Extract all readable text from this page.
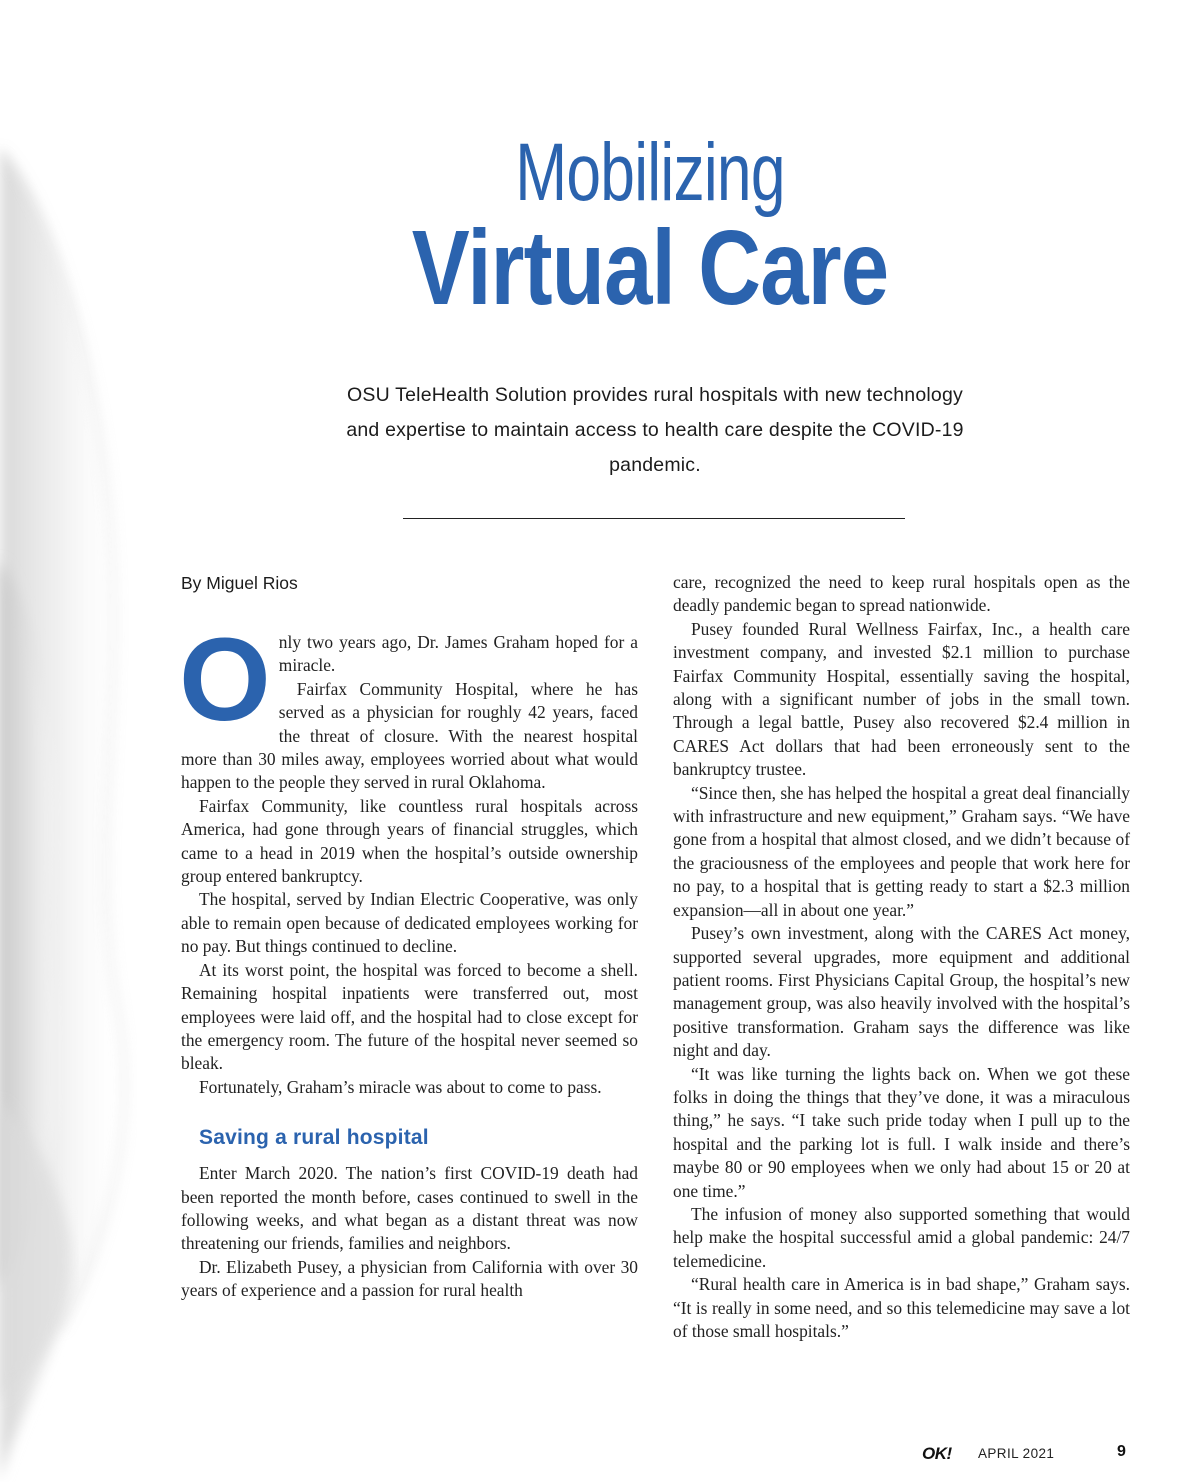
Mobilizing
Virtual Care
OSU TeleHealth Solution provides rural hospitals with new technology and expertise to maintain access to health care despite the COVID-19 pandemic.
By Miguel Rios

Only two years ago, Dr. James Graham hoped for a miracle.

Fairfax Community Hospital, where he has served as a physician for roughly 42 years, faced the threat of closure. With the nearest hospital more than 30 miles away, employees worried about what would happen to the people they served in rural Oklahoma.

Fairfax Community, like countless rural hospitals across America, had gone through years of financial struggles, which came to a head in 2019 when the hospital’s outside ownership group entered bankruptcy.

The hospital, served by Indian Electric Cooperative, was only able to remain open because of dedicated employees working for no pay. But things continued to decline.

At its worst point, the hospital was forced to become a shell. Remaining hospital inpatients were transferred out, most employees were laid off, and the hospital had to close except for the emergency room. The future of the hospital never seemed so bleak.

Fortunately, Graham’s miracle was about to come to pass.

Saving a rural hospital

Enter March 2020. The nation’s first COVID-19 death had been reported the month before, cases continued to swell in the following weeks, and what began as a distant threat was now threatening our friends, families and neighbors.

Dr. Elizabeth Pusey, a physician from California with over 30 years of experience and a passion for rural health

care, recognized the need to keep rural hospitals open as the deadly pandemic began to spread nationwide.

Pusey founded Rural Wellness Fairfax, Inc., a health care investment company, and invested $2.1 million to purchase Fairfax Community Hospital, essentially saving the hospital, along with a significant number of jobs in the small town. Through a legal battle, Pusey also recovered $2.4 million in CARES Act dollars that had been erroneously sent to the bankruptcy trustee.

“Since then, she has helped the hospital a great deal financially with infrastructure and new equipment,” Graham says. “We have gone from a hospital that almost closed, and we didn’t because of the graciousness of the employees and people that work here for no pay, to a hospital that is getting ready to start a $2.3 million expansion—all in about one year.”

Pusey’s own investment, along with the CARES Act money, supported several upgrades, more equipment and additional patient rooms. First Physicians Capital Group, the hospital’s new management group, was also heavily involved with the hospital’s positive transformation. Graham says the difference was like night and day.

“It was like turning the lights back on. When we got these folks in doing the things that they’ve done, it was a miraculous thing,” he says. “I take such pride today when I pull up to the hospital and the parking lot is full. I walk inside and there’s maybe 80 or 90 employees when we only had about 15 or 20 at one time.”

The infusion of money also supported something that would help make the hospital successful amid a global pandemic: 24/7 telemedicine.

“Rural health care in America is in bad shape,” Graham says. “It is really in some need, and so this telemedicine may save a lot of those small hospitals.”

OK! APRIL 2021	9
